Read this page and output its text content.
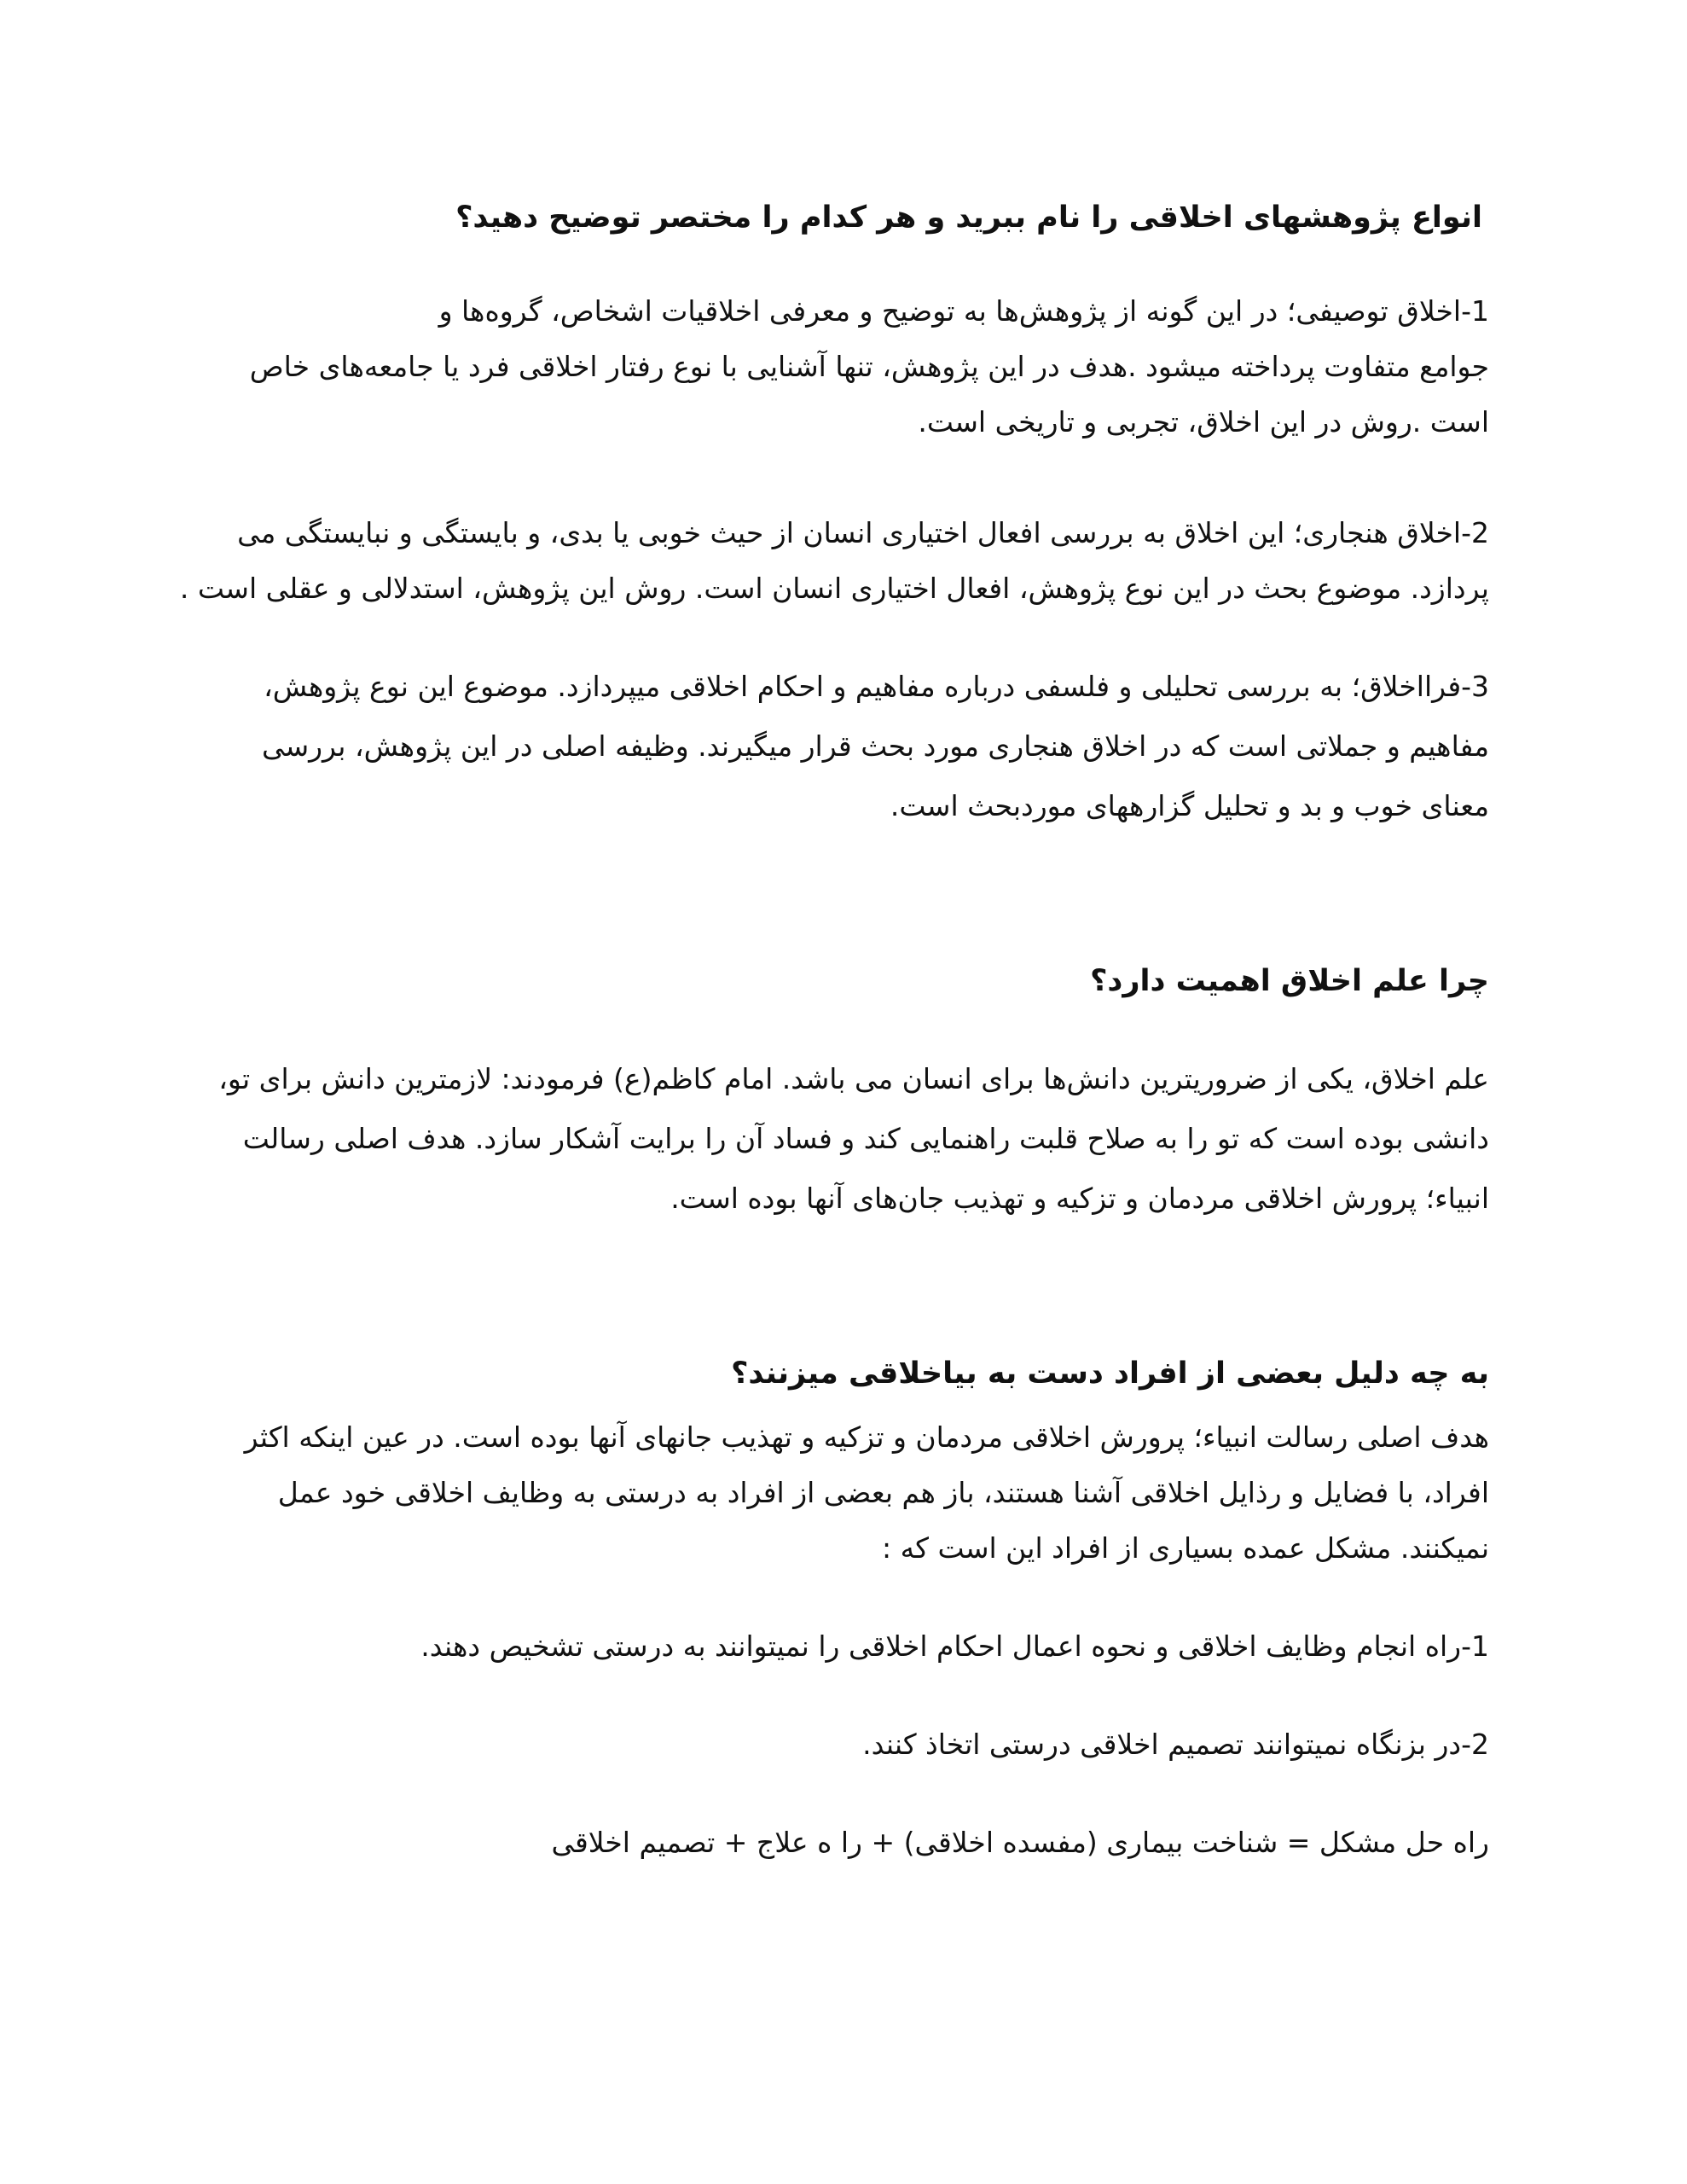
انواع پژوهشهای اخلاقی را نام ببرید و هر کدام را مختصر توضیح دهید؟
1-اخلاق توصیفی؛ در این گونه از پژوهش‌ها به توضیح و معرفی اخلاقیات اشخاص، گروه‌ها و
جوامع متفاوت پرداخته میشود .هدف در این پژوهش، تنها آشنایی با نوع رفتار اخلاقی فرد یا جامعه‌های خاص
است .روش در این اخلاق، تجربی و تاریخی است.
2-اخلاق هنجاری؛ این اخلاق به بررسی افعال اختیاری انسان از حیث خوبی یا بدی، و بایستگی و نبایستگی می
پردازد. موضوع بحث در این نوع پژوهش، افعال اختیاری انسان است. روش این پژوهش، استدلالی و عقلی است .
3-فرااخلاق؛ به بررسی تحلیلی و فلسفی درباره مفاهیم و احکام اخلاقی میپردازد. موضوع این نوع پژوهش،
مفاهیم و جملاتی است که در اخلاق هنجاری مورد بحث قرار میگیرند. وظیفه اصلی در این پژوهش، بررسی
معنای خوب و بد و تحلیل گزارههای موردبحث است.
چرا علم اخلاق اهمیت دارد؟
علم اخلاق، یکی از ضروریترین دانش‌ها برای انسان می باشد. امام کاظم(ع) فرمودند: لازمترین دانش برای تو،
دانشی بوده است که تو را به صلاح قلبت راهنمایی کند و فساد آن را برایت آشکار سازد. هدف اصلی رسالت
انبیاء؛ پرورش اخلاقی مردمان و تزکیه و تهذیب جان‌های آنها بوده است.
به چه دلیل بعضی از افراد دست به بیاخلاقی میزنند؟
هدف اصلی رسالت انبیاء؛ پرورش اخلاقی مردمان و تزکیه و تهذیب جانهای آنها بوده است. در عین اینکه اکثر
افراد، با فضایل و رذایل اخلاقی آشنا هستند، باز هم بعضی از افراد به درستی به وظایف اخلاقی خود عمل
نمیکنند. مشکل عمده بسیاری از افراد این است که :
1-راه انجام وظایف اخلاقی و نحوه اعمال احکام اخلاقی را نمیتوانند به درستی تشخیص دهند.
2-در بزنگاه نمیتوانند تصمیم اخلاقی درستی اتخاذ کنند.
راه حل مشکل = شناخت بیماری (مفسده اخلاقی) + را ه علاج + تصمیم اخلاقی
